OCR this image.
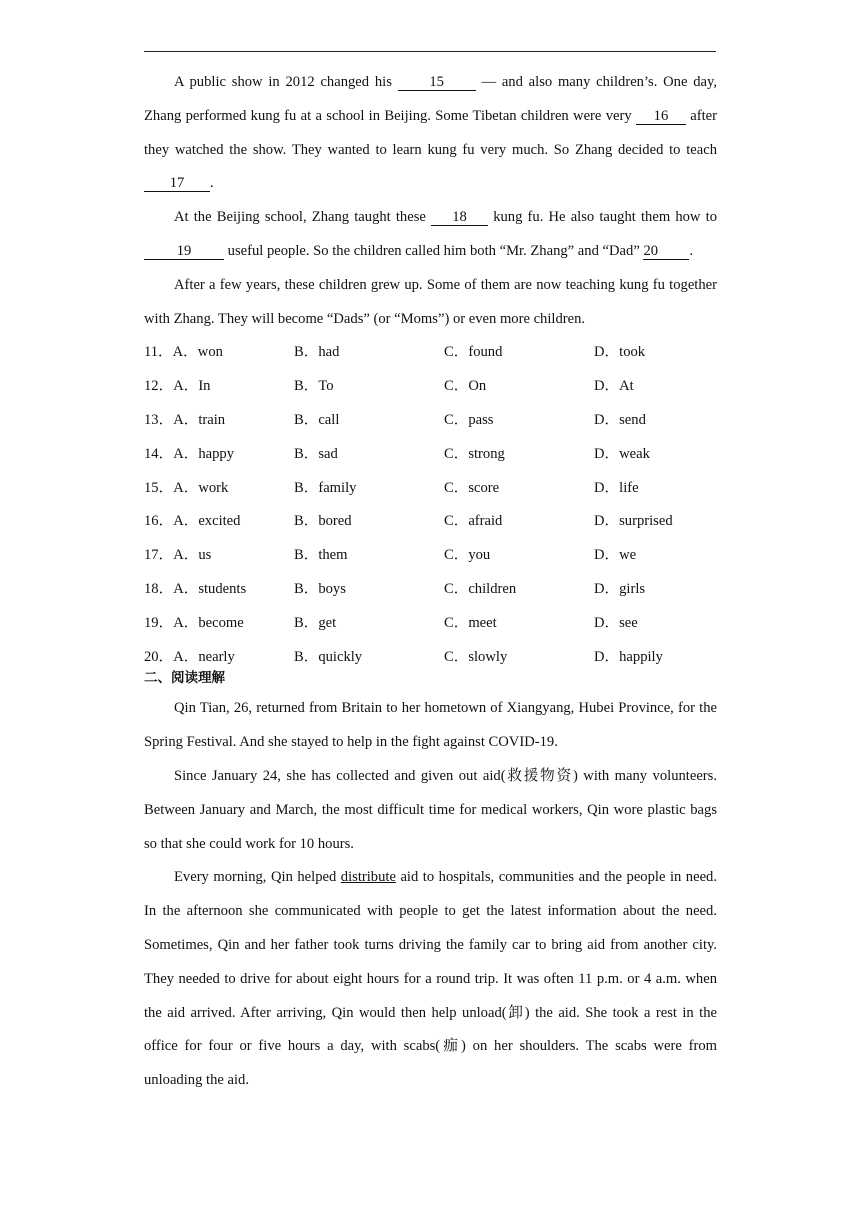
A public show in 2012 changed his 15 — and also many children’s. One day, Zhang performed kung fu at a school in Beijing. Some Tibetan children were very 16 after they watched the show. They wanted to learn kung fu very much. So Zhang decided to teach 17 .

At the Beijing school, Zhang taught these 18 kung fu. He also taught them how to 19 useful people. So the children called him both “Mr. Zhang” and “Dad” 20 .

After a few years, these children grew up. Some of them are now teaching kung fu together with Zhang. They will become “Dads” (or “Moms”) or even more children.

11．A．won	B．had	C．found	D．took
12．A．In	B．To	C．On	D．At
13．A．train	B．call	C．pass	D．send
14．A．happy	B．sad	C．strong	D．weak
15．A．work	B．family	C．score	D．life
16．A．excited	B．bored	C．afraid	D．surprised
17．A．us	B．them	C．you	D．we
18．A．students	B．boys	C．children	D．girls
19．A．become	B．get	C．meet	D．see
20．A．nearly	B．quickly	C．slowly	D．happily
二、阅读理解

Qin Tian, 26, returned from Britain to her hometown of Xiangyang, Hubei Province, for the Spring Festival. And she stayed to help in the fight against COVID-19.

Since January 24, she has collected and given out aid(救援物资) with many volunteers. Between January and March, the most difficult time for medical workers, Qin wore plastic bags so that she could work for 10 hours.

Every morning, Qin helped distribute aid to hospitals, communities and the people in need. In the afternoon she communicated with people to get the latest information about the need. Sometimes, Qin and her father took turns driving the family car to bring aid from another city. They needed to drive for about eight hours for a round trip. It was often 11 p.m. or 4 a.m. when the aid arrived. After arriving, Qin would then help unload(卸) the aid. She took a rest in the office for four or five hours a day, with scabs(痂) on her shoulders. The scabs were from unloading the aid.
